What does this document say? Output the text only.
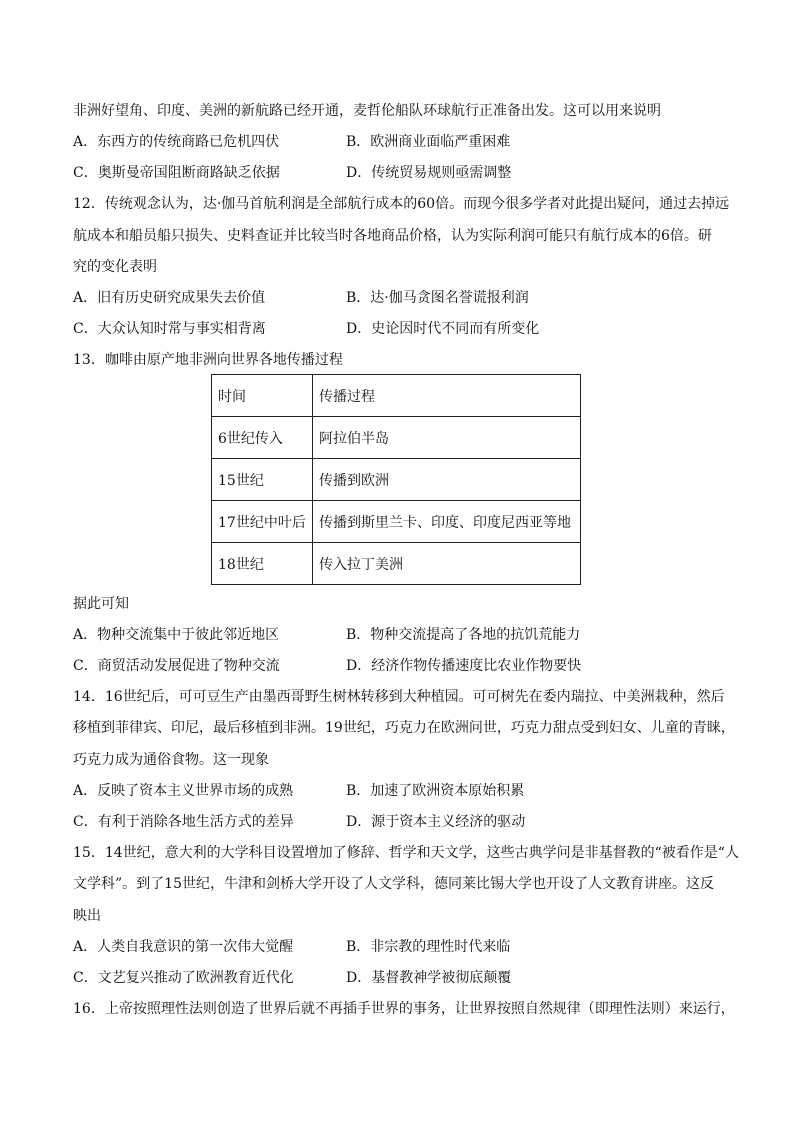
非洲好望角、印度、美洲的新航路已经开通，麦哲伦船队环球航行正准备出发。这可以用来说明
A．东西方的传统商路已危机四伏	B．欧洲商业面临严重困难
C．奥斯曼帝国阻断商路缺乏依据	D．传统贸易规则亟需调整
12．传统观念认为，达·伽马首航利润是全部航行成本的60倍。而现今很多学者对此提出疑问，通过去掉远
航成本和船员船只损失、史料查证并比较当时各地商品价格，认为实际利润可能只有航行成本的6倍。研
究的变化表明
A．旧有历史研究成果失去价值	B．达·伽马贪图名誉谎报利润
C．大众认知时常与事实相背离	D．史论因时代不同而有所变化
13．咖啡由原产地非洲向世界各地传播过程
时间	传播过程
6世纪传入	阿拉伯半岛
15世纪	传播到欧洲
17世纪中叶后	传播到斯里兰卡、印度、印度尼西亚等地
18世纪	传入拉丁美洲
据此可知
A．物种交流集中于彼此邻近地区	B．物种交流提高了各地的抗饥荒能力
C．商贸活动发展促进了物种交流	D．经济作物传播速度比农业作物要快
14．16世纪后，可可豆生产由墨西哥野生树林转移到大种植园。可可树先在委内瑞拉、中美洲栽种，然后
移植到菲律宾、印尼，最后移植到非洲。19世纪，巧克力在欧洲问世，巧克力甜点受到妇女、儿童的青睐，
巧克力成为通俗食物。这一现象
A．反映了资本主义世界市场的成熟	B．加速了欧洲资本原始积累
C．有利于消除各地生活方式的差异	D．源于资本主义经济的驱动
15．14世纪，意大利的大学科目设置增加了修辞、哲学和天文学，这些古典学问是非基督教的“被看作是“人
文学科”。到了15世纪，牛津和剑桥大学开设了人文学科，德同莱比锡大学也开设了人文教育讲座。这反
映出
A．人类自我意识的第一次伟大觉醒	B．非宗教的理性时代来临
C．文艺复兴推动了欧洲教育近代化	D．基督教神学被彻底颠覆
16．上帝按照理性法则创造了世界后就不再插手世界的事务，让世界按照自然规律（即理性法则）来运行，
